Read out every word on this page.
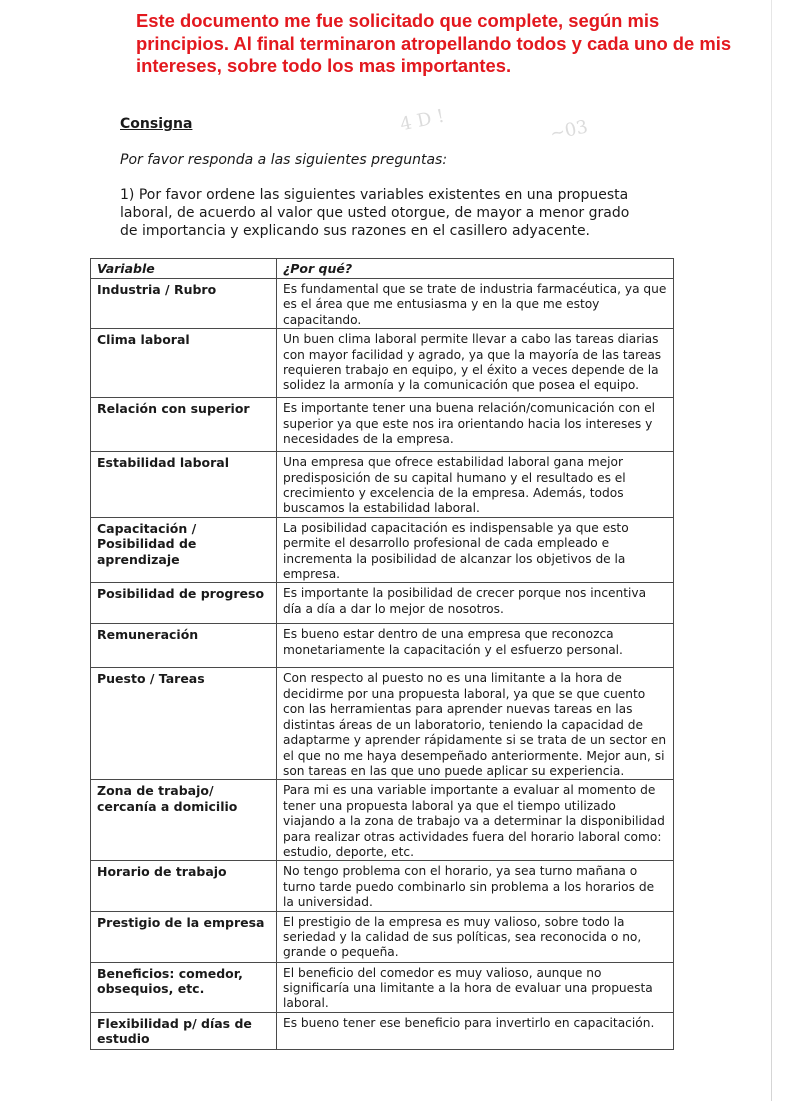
Este documento me fue solicitado que complete, según mis principios. Al final terminaron atropellando todos y cada uno de mis intereses, sobre todo los mas importantes.
4 D !	~03
Consigna
Por favor responda a las siguientes preguntas:
1) Por favor ordene las siguientes variables existentes en una propuesta laboral, de acuerdo al valor que usted otorgue, de mayor a menor grado de importancia y explicando sus razones en el casillero adyacente.
Variable	¿Por qué?
Industria / Rubro	Es fundamental que se trate de industria farmacéutica, ya que es el área que me entusiasma y en la que me estoy capacitando.
Clima laboral	Un buen clima laboral permite llevar a cabo las tareas diarias con mayor facilidad y agrado, ya que la mayoría de las tareas requieren trabajo en equipo, y el éxito a veces depende de la solidez la armonía y la comunicación que posea el equipo.
Relación con superior	Es importante tener una buena relación/comunicación con el superior ya que este nos ira orientando hacia los intereses y necesidades de la empresa.
Estabilidad laboral	Una empresa que ofrece estabilidad laboral gana mejor predisposición de su capital humano y el resultado es el crecimiento y excelencia de la empresa. Además, todos buscamos la estabilidad laboral.
Capacitación / Posibilidad de aprendizaje	La posibilidad capacitación es indispensable ya que esto permite el desarrollo profesional de cada empleado e incrementa la posibilidad de alcanzar los objetivos de la empresa.
Posibilidad de progreso	Es importante la posibilidad de crecer porque nos incentiva día a día a dar lo mejor de nosotros.
Remuneración	Es bueno estar dentro de una empresa que reconozca monetariamente la capacitación y el esfuerzo personal.
Puesto / Tareas	Con respecto al puesto no es una limitante a la hora de decidirme por una propuesta laboral, ya que se que cuento con las herramientas para aprender nuevas tareas en las distintas áreas de un laboratorio, teniendo la capacidad de adaptarme y aprender rápidamente si se trata de un sector en el que no me haya desempeñado anteriormente. Mejor aun, si son tareas en las que uno puede aplicar su experiencia.
Zona de trabajo/ cercanía a domicilio	Para mi es una variable importante a evaluar al momento de tener una propuesta laboral ya que el tiempo utilizado viajando a la zona de trabajo va a determinar la disponibilidad para realizar otras actividades fuera del horario laboral como: estudio, deporte, etc.
Horario de trabajo	No tengo problema con el horario, ya sea turno mañana o turno tarde puedo combinarlo sin problema a los horarios de la universidad.
Prestigio de la empresa	El prestigio de la empresa es muy valioso, sobre todo la seriedad y la calidad de sus políticas, sea reconocida o no, grande o pequeña.
Beneficios: comedor, obsequios, etc.	El beneficio del comedor es muy valioso, aunque no significaría una limitante a la hora de evaluar una propuesta laboral.
Flexibilidad p/ días de estudio	Es bueno tener ese beneficio para invertirlo en capacitación.
